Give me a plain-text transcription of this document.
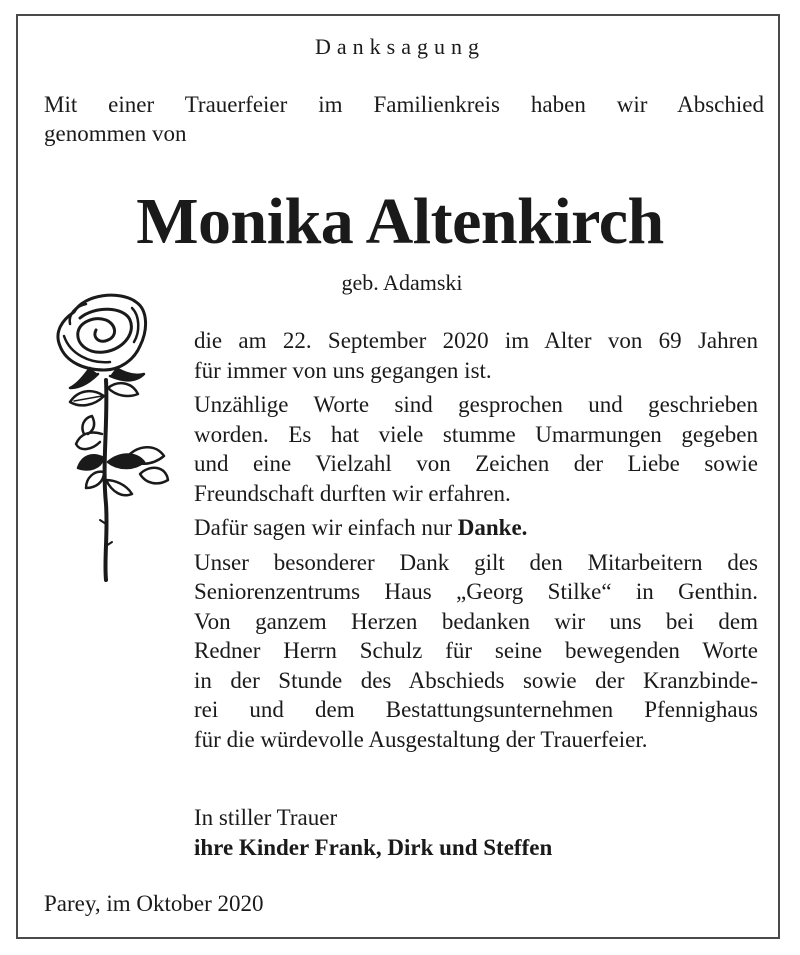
Danksagung
Mit einer Trauerfeier im Familienkreis haben wir Abschied
genommen von
Monika Altenkirch
geb. Adamski

die am 22. September 2020 im Alter von 69 Jahren
für immer von uns gegangen ist.

Unzählige Worte sind gesprochen und geschrieben
worden. Es hat viele stumme Umarmungen gegeben
und eine Vielzahl von Zeichen der Liebe sowie
Freundschaft durften wir erfahren.

Dafür sagen wir einfach nur Danke.

Unser besonderer Dank gilt den Mitarbeitern des
Seniorenzentrums Haus „Georg Stilke“ in Genthin.
Von ganzem Herzen bedanken wir uns bei dem
Redner Herrn Schulz für seine bewegenden Worte
in der Stunde des Abschieds sowie der Kranzbinde-
rei und dem Bestattungsunternehmen Pfennighaus
für die würdevolle Ausgestaltung der Trauerfeier.

In stiller Trauer
ihre Kinder Frank, Dirk und Steffen
Parey, im Oktober 2020
